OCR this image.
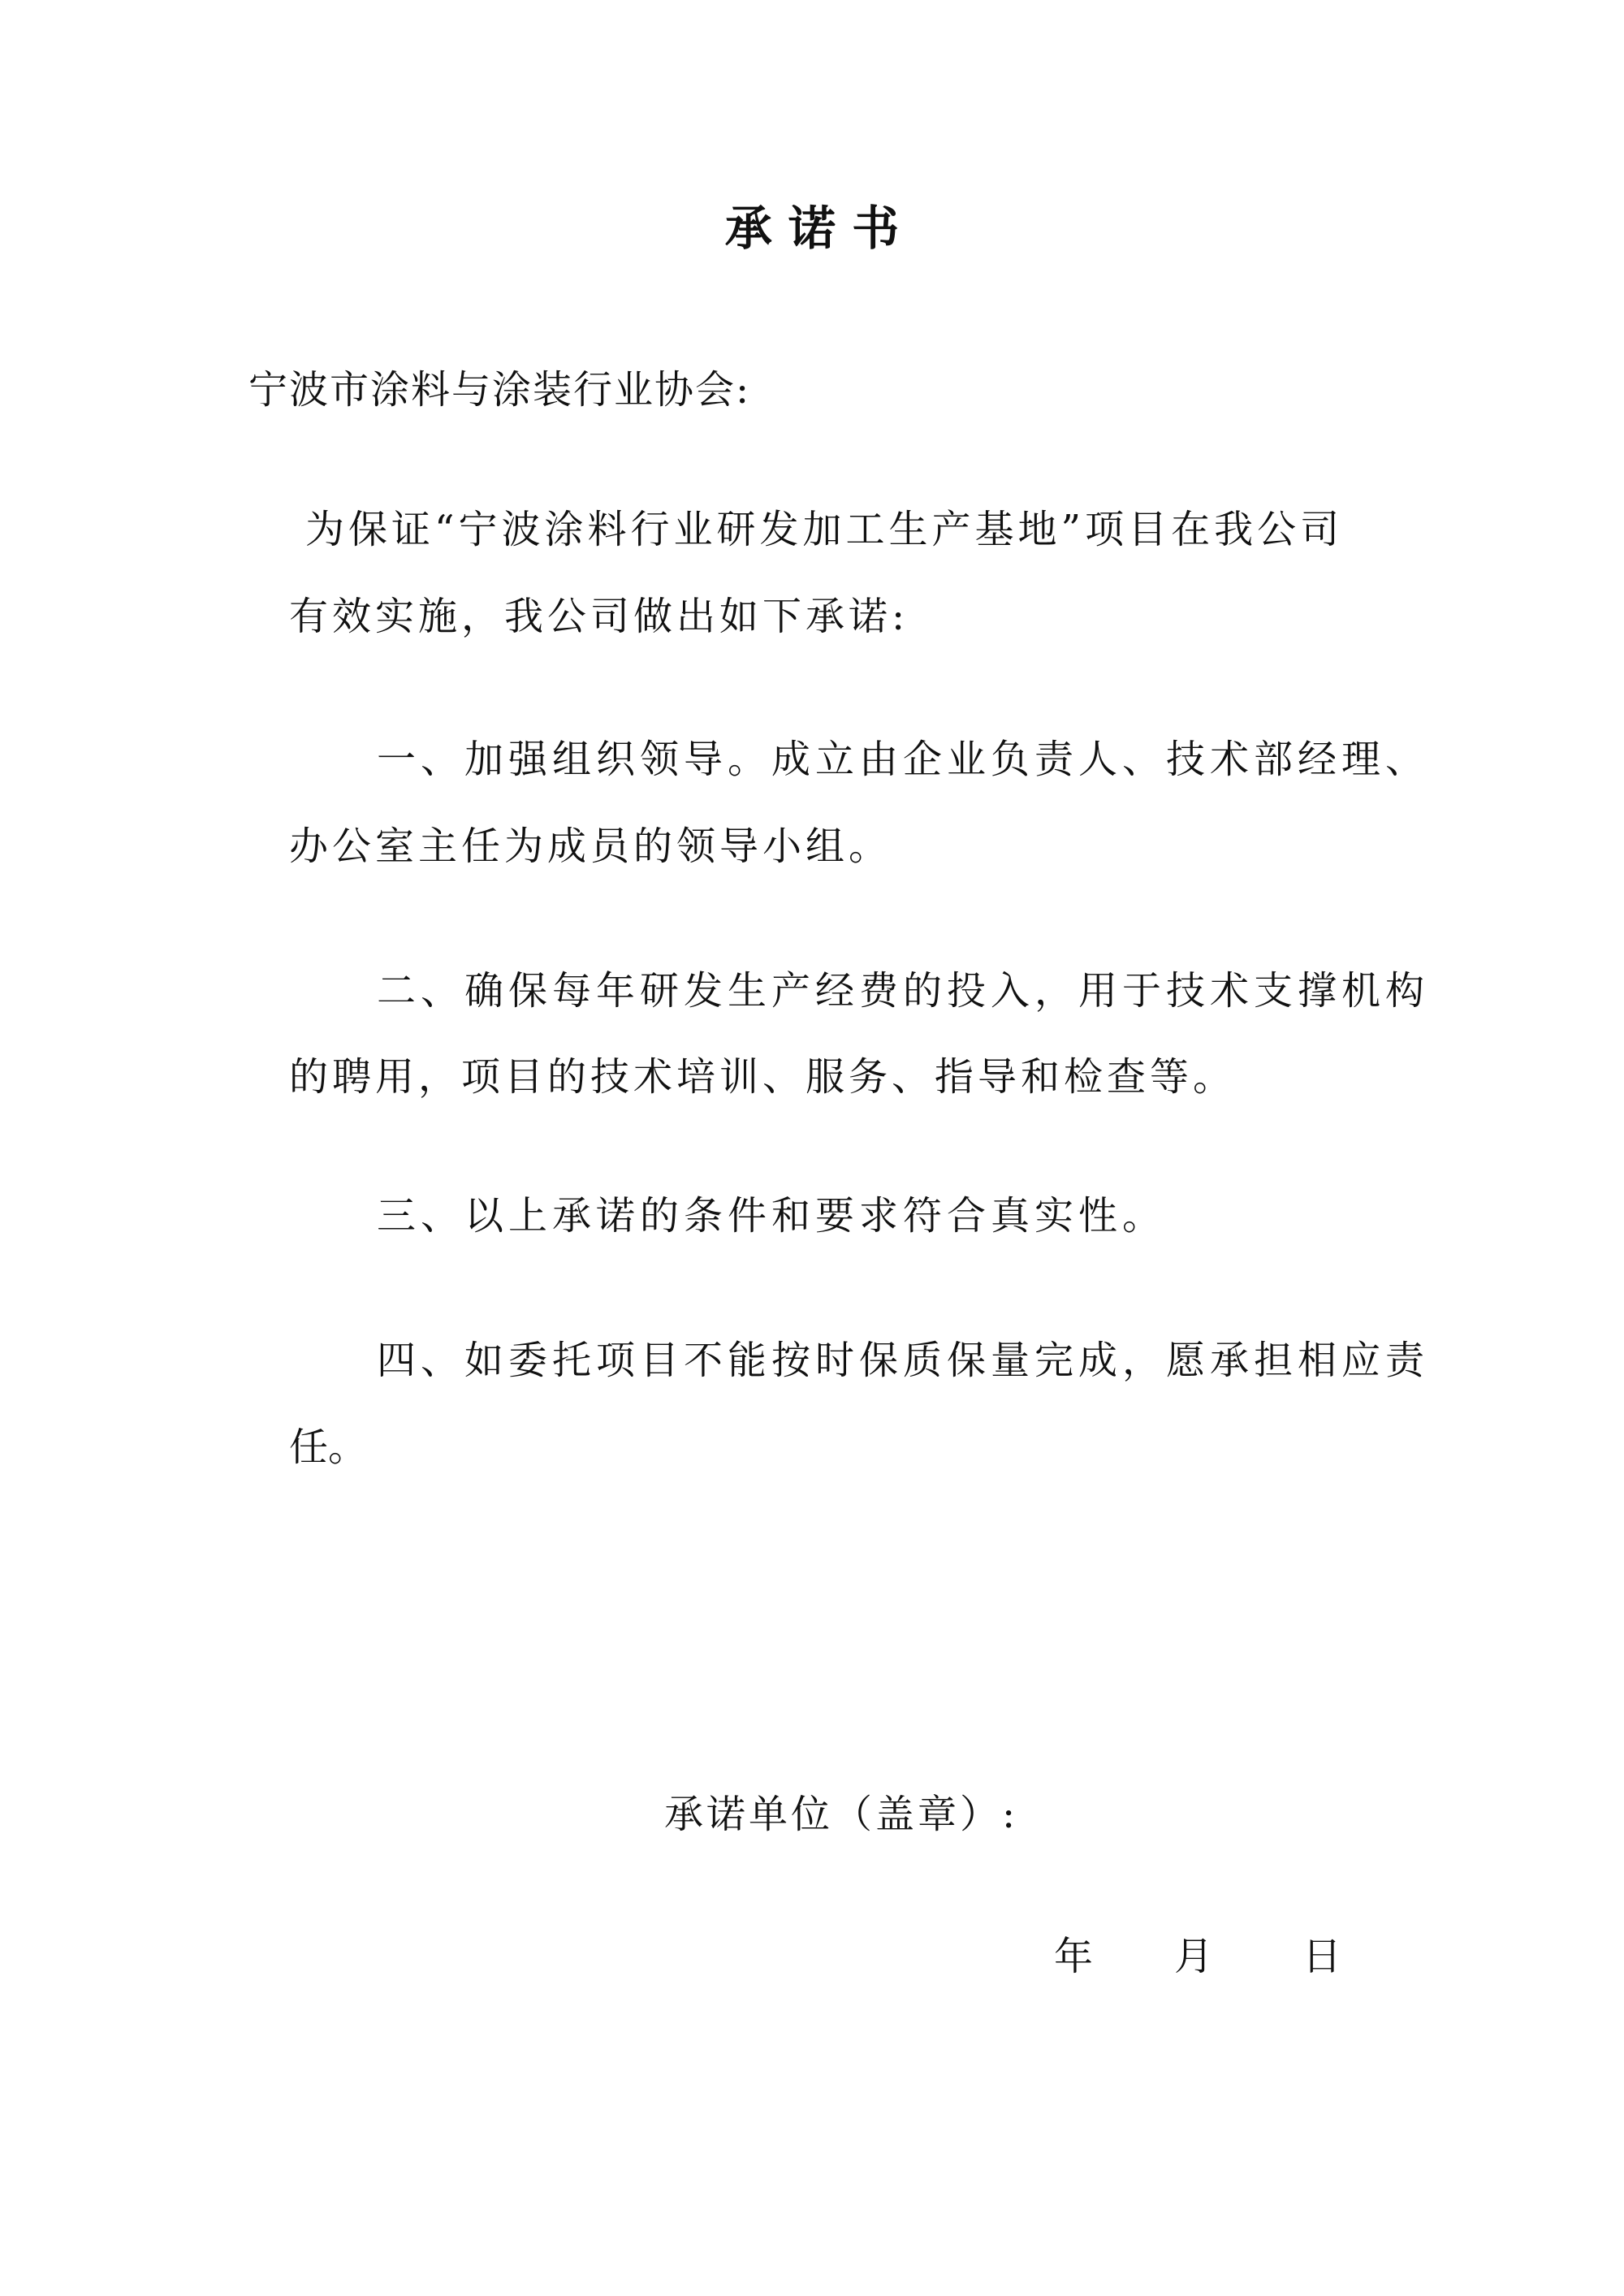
承 诺 书
宁波市涂料与涂装行业协会:
为保证“宁波涂料行业研发加工生产基地”项目在我公司
有效实施，我公司做出如下承诺:
一、加强组织领导。成立由企业负责人、技术部经理、
办公室主任为成员的领导小组。
二、确保每年研发生产经费的投入，用于技术支撑机构
的聘用，项目的技术培训、服务、指导和检查等。
三、以上承诺的条件和要求符合真实性。
四、如委托项目不能按时保质保量完成，愿承担相应责
任。
承诺单位（盖章）:
年 月 日
